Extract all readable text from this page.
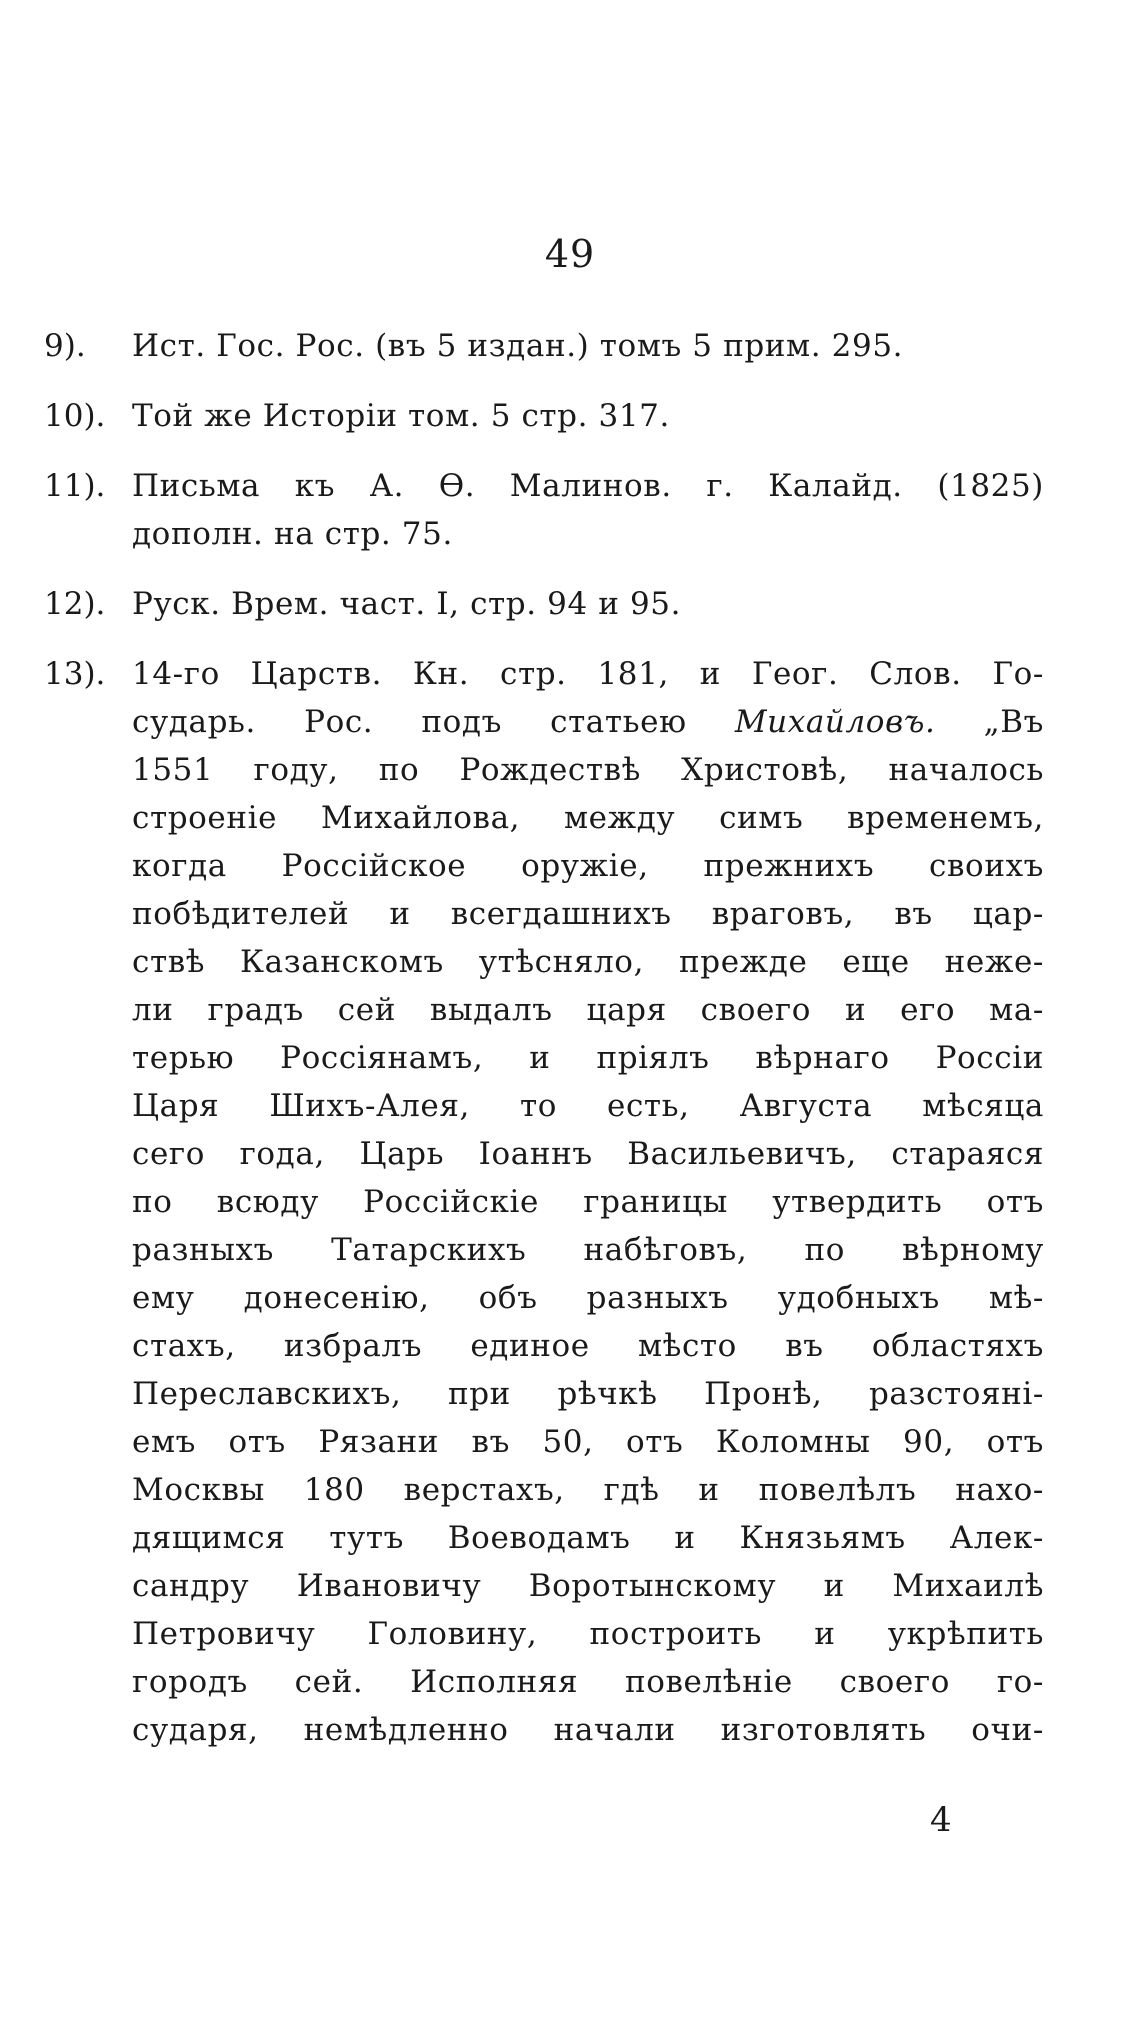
49
9).	Ист. Гос. Рос. (въ 5 издан.) томъ 5 прим. 295.
10). Той же Исторіи том. 5 стр. 317.
11). Письма къ А. Ѳ. Малинов. г. Калайд. (1825)
дополн. на стр. 75.
12). Руск. Врем. част. I, стр. 94 и 95.
13). 14-го Царств. Кн. стр. 181, и Геог. Слов. Го-
сударь. Рос. подъ статьею Михайловъ. „Въ
1551 году, по Рождествѣ Христовѣ, началось
строеніе Михайлова, между симъ временемъ,
когда Россійское оружіе, прежнихъ своихъ
побѣдителей и всегдашнихъ враговъ, въ цар-
ствѣ Казанскомъ утѣсняло, прежде еще неже-
ли градъ сей выдалъ царя своего и его ма-
терью Россіянамъ, и пріялъ вѣрнаго Россіи
Царя Шихъ-Алея, то есть, Августа мѣсяца
сего года, Царь Іоаннъ Васильевичъ, стараяся
по всюду Россійскіе границы утвердить отъ
разныхъ Татарскихъ набѣговъ, по вѣрному
ему донесенію, объ разныхъ удобныхъ мѣ-
стахъ, избралъ единое мѣсто въ областяхъ
Переславскихъ, при рѣчкѣ Пронѣ, разстояні-
емъ отъ Рязани въ 50, отъ Коломны 90, отъ
Москвы 180 верстахъ, гдѣ и повелѣлъ нахо-
дящимся тутъ Воеводамъ и Князьямъ Алек-
сандру Ивановичу Воротынскому и Михаилѣ
Петровичу Головину, построить и укрѣпить
городъ сей. Исполняя повелѣніе своего го-
сударя, немѣдленно начали изготовлять очи-
4
